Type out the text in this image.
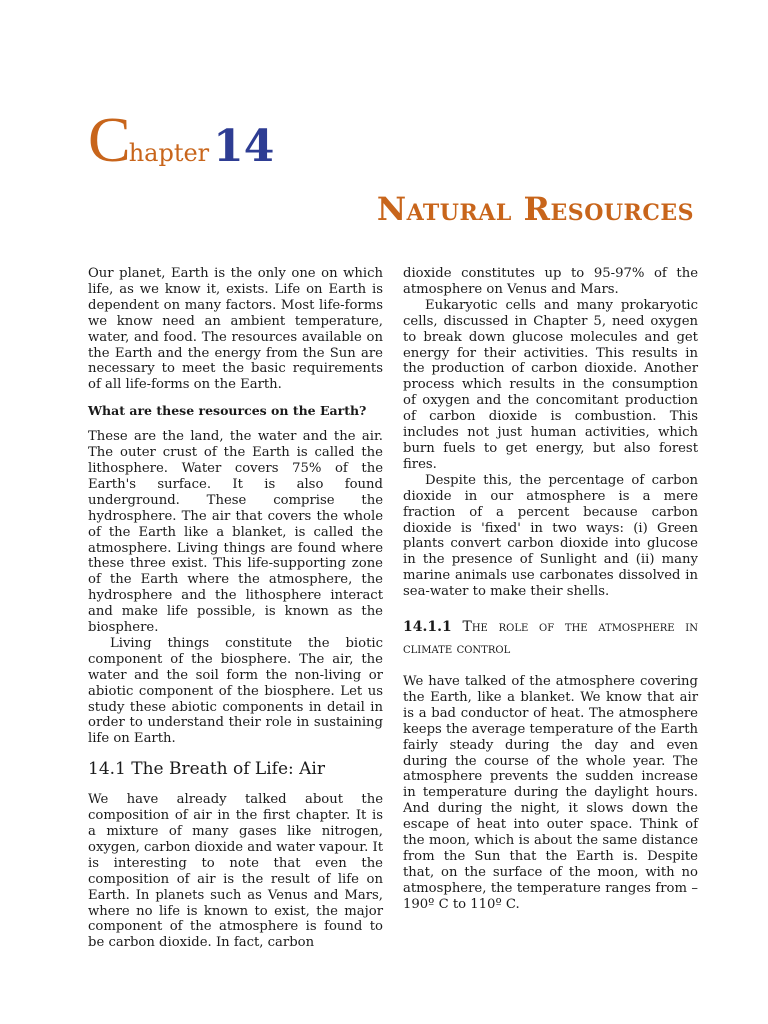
Chapter14
Natural Resources

Our planet, Earth is the only one on which life, as we know it, exists. Life on Earth is dependent on many factors. Most life-forms we know need an ambient temperature, water, and food. The resources available on the Earth and the energy from the Sun are necessary to meet the basic requirements of all life-forms on the Earth.

What are these resources on the Earth?

These are the land, the water and the air. The outer crust of the Earth is called the lithosphere. Water covers 75% of the Earth's surface. It is also found underground. These comprise the hydrosphere. The air that covers the whole of the Earth like a blanket, is called the atmosphere. Living things are found where these three exist. This life-supporting zone of the Earth where the atmosphere, the hydrosphere and the lithosphere interact and make life possible, is known as the biosphere.

Living things constitute the biotic component of the biosphere. The air, the water and the soil form the non-living or abiotic component of the biosphere. Let us study these abiotic components in detail in order to understand their role in sustaining life on Earth.

14.1 The Breath of Life: Air

We have already talked about the composition of air in the first chapter. It is a mixture of many gases like nitrogen, oxygen, carbon dioxide and water vapour. It is interesting to note that even the composition of air is the result of life on Earth. In planets such as Venus and Mars, where no life is known to exist, the major component of the atmosphere is found to be carbon dioxide. In fact, carbon

dioxide constitutes up to 95-97% of the atmosphere on Venus and Mars.

Eukaryotic cells and many prokaryotic cells, discussed in Chapter 5, need oxygen to break down glucose molecules and get energy for their activities. This results in the production of carbon dioxide. Another process which results in the consumption of oxygen and the concomitant production of carbon dioxide is combustion. This includes not just human activities, which burn fuels to get energy, but also forest fires.

Despite this, the percentage of carbon dioxide in our atmosphere is a mere fraction of a percent because carbon dioxide is 'fixed' in two ways: (i) Green plants convert carbon dioxide into glucose in the presence of Sunlight and (ii) many marine animals use carbonates dissolved in sea-water to make their shells.

14.1.1 The role of the atmosphere in climate control

We have talked of the atmosphere covering the Earth, like a blanket. We know that air is a bad conductor of heat. The atmosphere keeps the average temperature of the Earth fairly steady during the day and even during the course of the whole year. The atmosphere prevents the sudden increase in temperature during the daylight hours. And during the night, it slows down the escape of heat into outer space. Think of the moon, which is about the same distance from the Sun that the Earth is. Despite that, on the surface of the moon, with no atmosphere, the temperature ranges from –190º C to 110º C.
